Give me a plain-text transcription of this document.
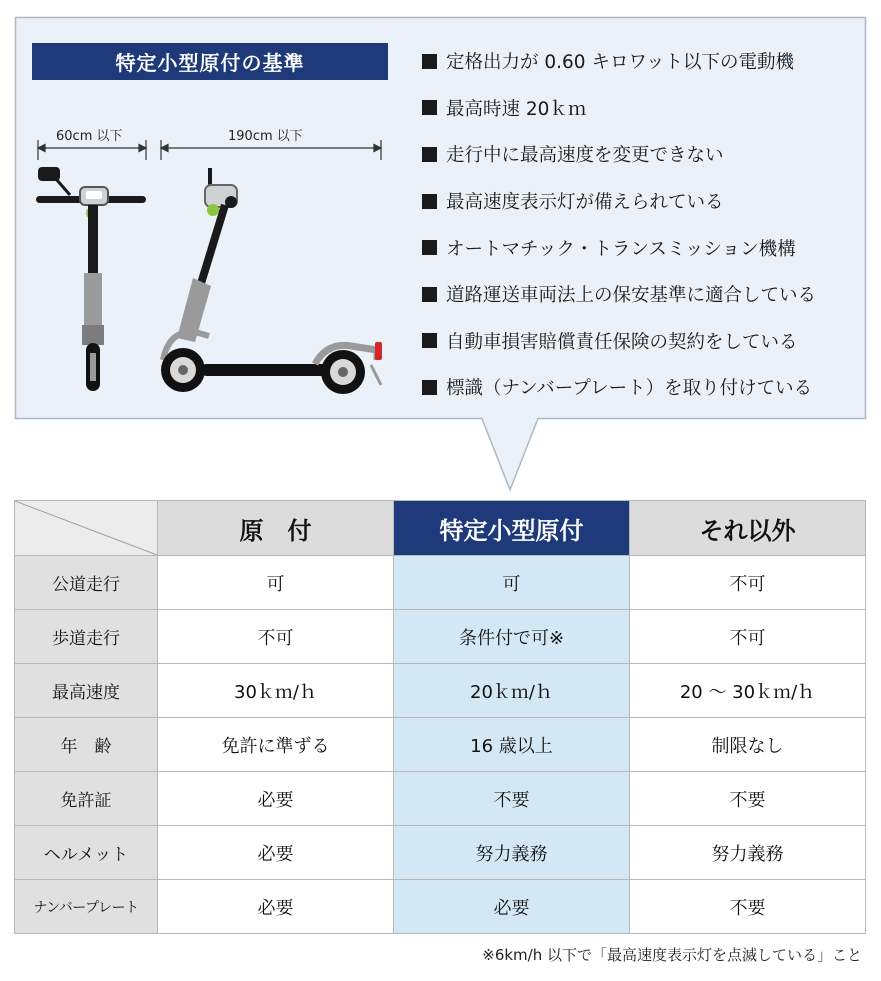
特定小型原付の基準
60cm 以下	190cm 以下
定格出力が 0.60 キロワット以下の電動機
最高時速 20ｋｍ
走行中に最高速度を変更できない
最高速度表示灯が備えられている
オートマチック・トランスミッション機構
道路運送車両法上の保安基準に適合している
自動車損害賠償責任保険の契約をしている
標識（ナンバープレート）を取り付けている
	原　付	特定小型原付	それ以外
公道走行	可	可	不可
歩道走行	不可	条件付で可※	不可
最高速度	30ｋｍ/ｈ	20ｋｍ/ｈ	20 〜 30ｋｍ/ｈ
年　齢	免許に準ずる	16 歳以上	制限なし
免許証	必要	不要	不要
ヘルメット	必要	努力義務	努力義務
ナンバープレート	必要	必要	不要
※6km/h 以下で「最高速度表示灯を点滅している」こと
